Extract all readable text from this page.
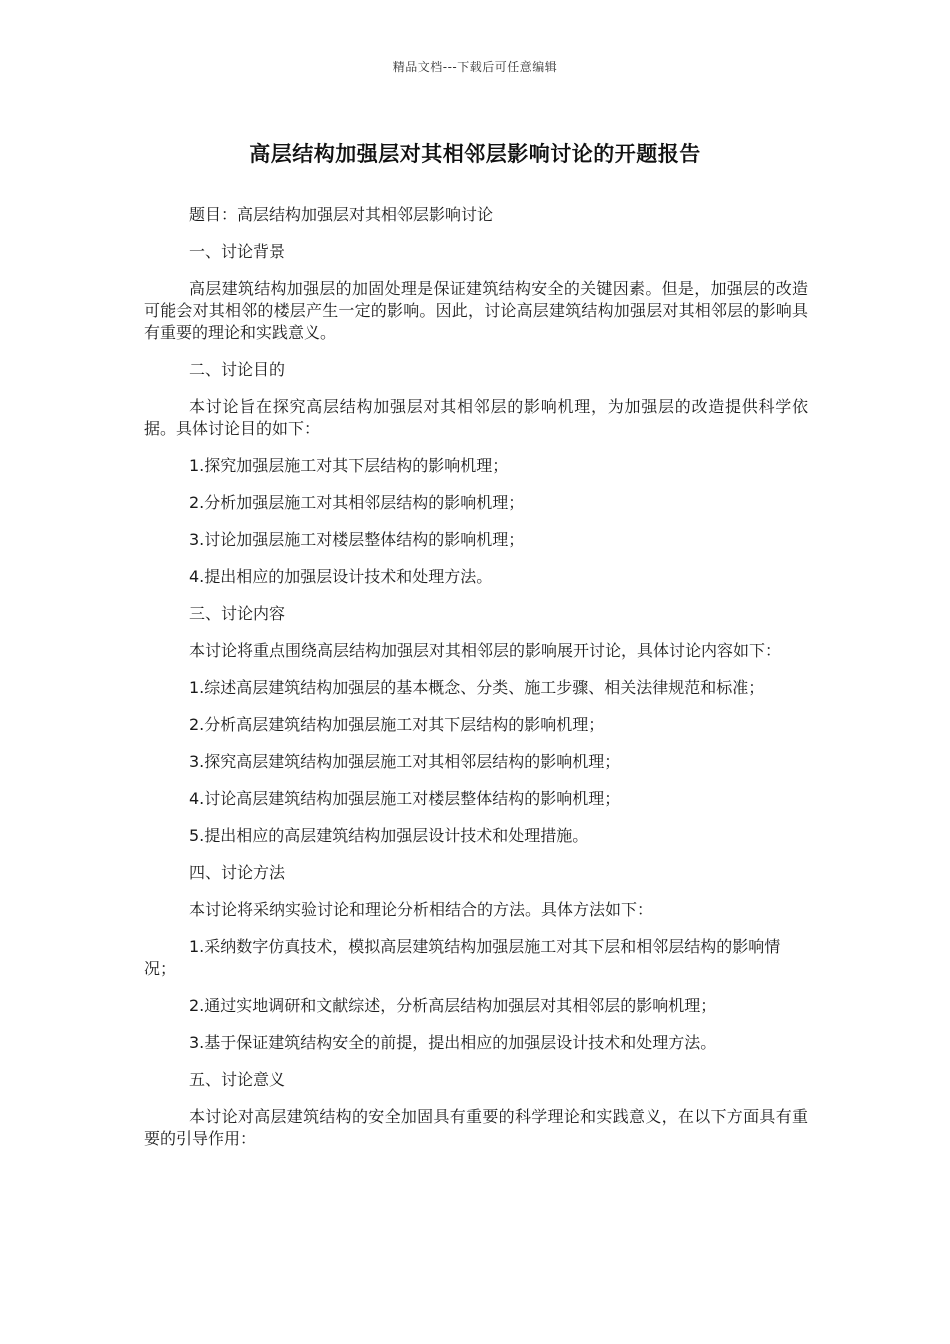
精品文档---下载后可任意编辑
高层结构加强层对其相邻层影响讨论的开题报告

题目：高层结构加强层对其相邻层影响讨论

一、讨论背景

高层建筑结构加强层的加固处理是保证建筑结构安全的关键因素。但是，加强层的改造可能会对其相邻的楼层产生一定的影响。因此，讨论高层建筑结构加强层对其相邻层的影响具有重要的理论和实践意义。

二、讨论目的

本讨论旨在探究高层结构加强层对其相邻层的影响机理，为加强层的改造提供科学依据。具体讨论目的如下：

1.探究加强层施工对其下层结构的影响机理；

2.分析加强层施工对其相邻层结构的影响机理；

3.讨论加强层施工对楼层整体结构的影响机理；

4.提出相应的加强层设计技术和处理方法。

三、讨论内容

本讨论将重点围绕高层结构加强层对其相邻层的影响展开讨论，具体讨论内容如下：

1.综述高层建筑结构加强层的基本概念、分类、施工步骤、相关法律规范和标准；

2.分析高层建筑结构加强层施工对其下层结构的影响机理；

3.探究高层建筑结构加强层施工对其相邻层结构的影响机理；

4.讨论高层建筑结构加强层施工对楼层整体结构的影响机理；

5.提出相应的高层建筑结构加强层设计技术和处理措施。

四、讨论方法

本讨论将采纳实验讨论和理论分析相结合的方法。具体方法如下：

1.采纳数字仿真技术，模拟高层建筑结构加强层施工对其下层和相邻层结构的影响情况；

2.通过实地调研和文献综述，分析高层结构加强层对其相邻层的影响机理；

3.基于保证建筑结构安全的前提，提出相应的加强层设计技术和处理方法。

五、讨论意义

本讨论对高层建筑结构的安全加固具有重要的科学理论和实践意义，在以下方面具有重要的引导作用：
